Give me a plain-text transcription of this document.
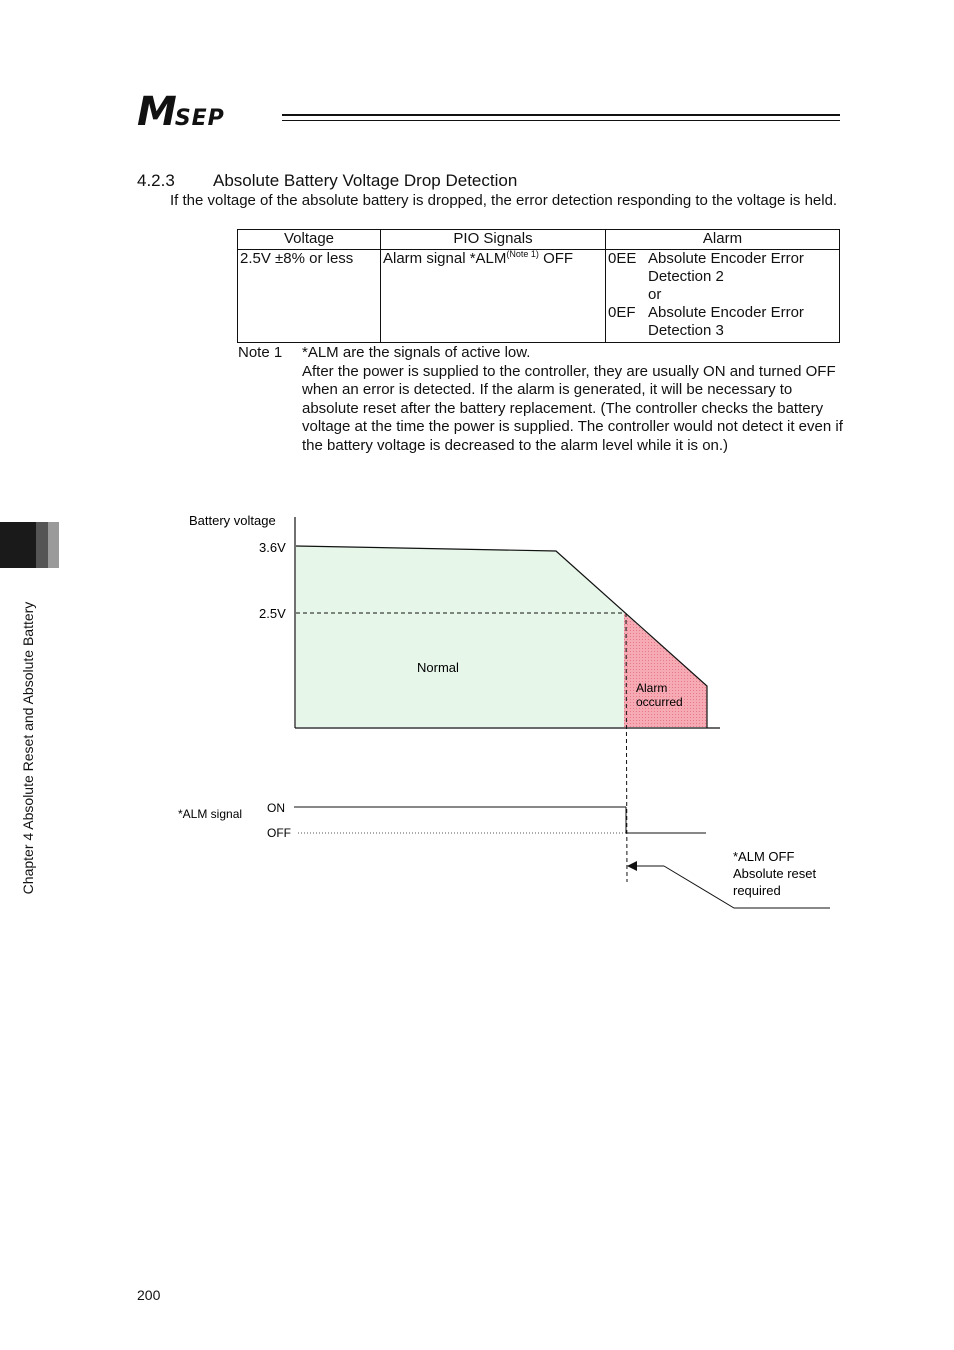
MSEP
4.2.3 Absolute Battery Voltage Drop Detection
If the voltage of the absolute battery is dropped, the error detection responding to the voltage is held.
Voltage	PIO Signals	Alarm
2.5V ±8% or less	Alarm signal *ALM$^{(Note 1)}$ OFF	0EE Absolute Encoder Error Detection 2
or
0EF Absolute Encoder Error Detection 3
Note 1 *ALM are the signals of active low.
After the power is supplied to the controller, they are usually ON and turned OFF when an error is detected. If the alarm is generated, it will be necessary to absolute reset after the battery replacement. (The controller checks the battery voltage at the time the power is supplied. The controller would not detect it even if the battery voltage is decreased to the alarm level while it is on.)
Battery voltage
3.6V
2.5V
Normal
Alarm
occurred
*ALM signal ON
OFF
*ALM OFF
Absolute reset
required
Chapter 4 Absolute Reset and Absolute Battery
200
